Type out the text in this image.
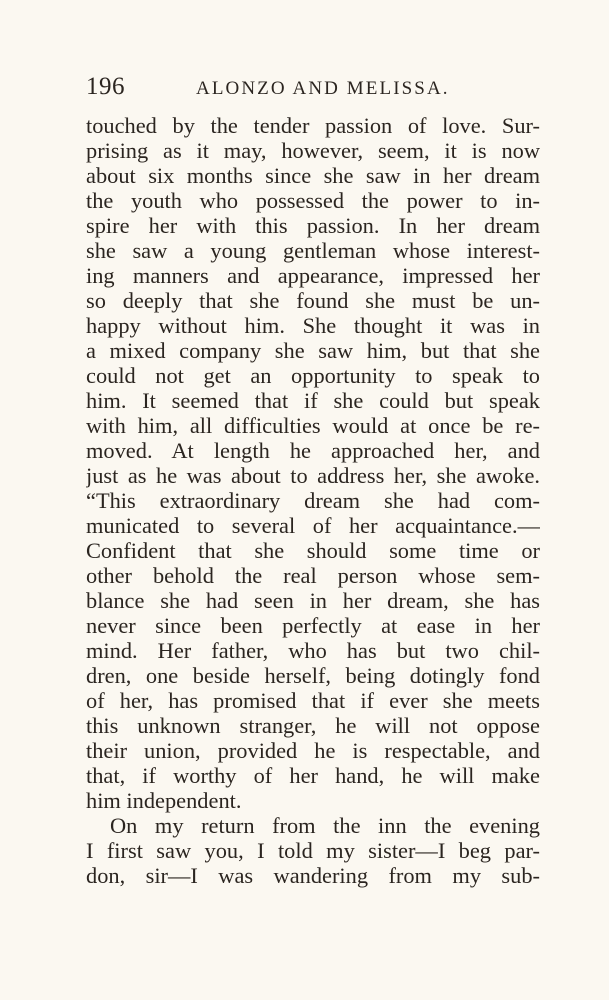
196	ALONZO AND MELISSA.
touched by the tender passion of love. Sur-
prising as it may, however, seem, it is now
about six months since she saw in her dream
the youth who possessed the power to in-
spire her with this passion. In her dream
she saw a young gentleman whose interest-
ing manners and appearance, impressed her
so deeply that she found she must be un-
happy without him. She thought it was in
a mixed company she saw him, but that she
could not get an opportunity to speak to
him. It seemed that if she could but speak
with him, all difficulties would at once be re-
moved. At length he approached her, and
just as he was about to address her, she awoke.
“This extraordinary dream she had com-
municated to several of her acquaintance.—
Confident that she should some time or
other behold the real person whose sem-
blance she had seen in her dream, she has
never since been perfectly at ease in her
mind. Her father, who has but two chil-
dren, one beside herself, being dotingly fond
of her, has promised that if ever she meets
this unknown stranger, he will not oppose
their union, provided he is respectable, and
that, if worthy of her hand, he will make
him independent.
On my return from the inn the evening
I first saw you, I told my sister—I beg par-
don, sir—I was wandering from my sub-
